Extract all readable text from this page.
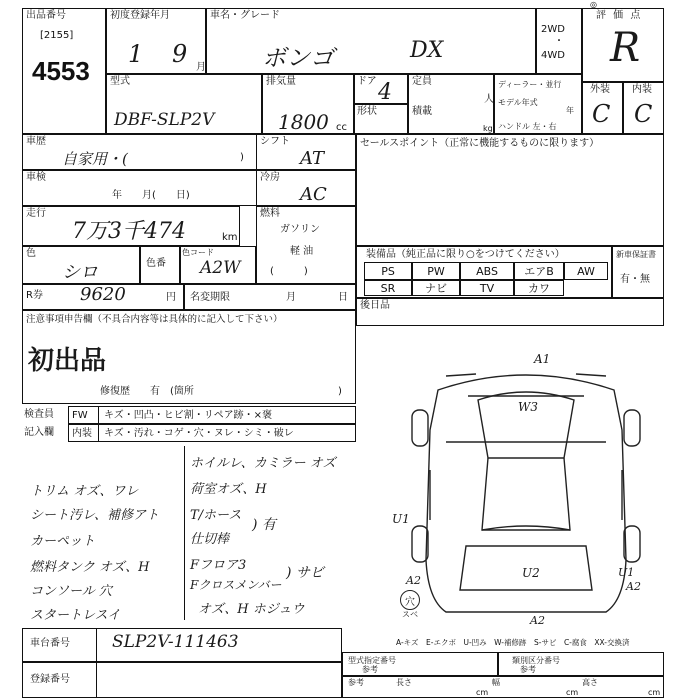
◎
出品番号
[2155]
4553
初度登録年月
1 9 月
車名・グレード
ボンゴ	DX
2WD
・
4WD
評 価 点
R
型式
DBF-SLP2V
排気量
1800 cc
ドア 4
形状
定員
人
積載
kg
ディーラー・並行
モデル年式
年
ハンドル 左・右
外装 内装
C C
車歴
自家用・(	)
車検
年　　月(　　日)
走行
7万3千474	km
色
シロ	色番
色コード
A2W
R券 9620	円 名変期限	月	日
注意事項申告欄（不具合内容等は具体的に記入して下さい）
初出品
修復歴　　有　(箇所	)
シフト
AT
冷房
AC
燃料
ガソリン
軽 油
(　　　)
セールスポイント（正常に機能するものに限ります）
装備品（純正品に限り○をつけてください）
PS	PW	ABS	エアB	AW
SR	ナビ	TV	カワ
新車保証書
有・無
後日品
検査員
記入欄
FW キズ・凹凸・ヒビ割・リペア跡・×褒
内装 キズ・汚れ・コゲ・穴・ヌレ・シミ・破レ
ホイルレ、カミラー オズ
荷室オズ、H
T/ホース
仕切棒
) 有
Fフロア3
Fクロスメンバー
) サビ
オズ、H ホジュウ
トリム オズ、ワレ
シート汚レ、補修アト
カーペット
燃料タンク オズ、H
コンソール 穴
スタートレスイ
A1
W3
U1
U2
A2	A2
U1
A2
穴
スベ
A-キズ　E-エクボ　U-凹み　W-補修跡　S-サビ　C-腐食　XX-交換済
車台番号 SLP2V-111463
登録番号
型式指定番号
参考
類別区分番号
参考
参考	長さ
cm
幅
cm
高さ
cm
